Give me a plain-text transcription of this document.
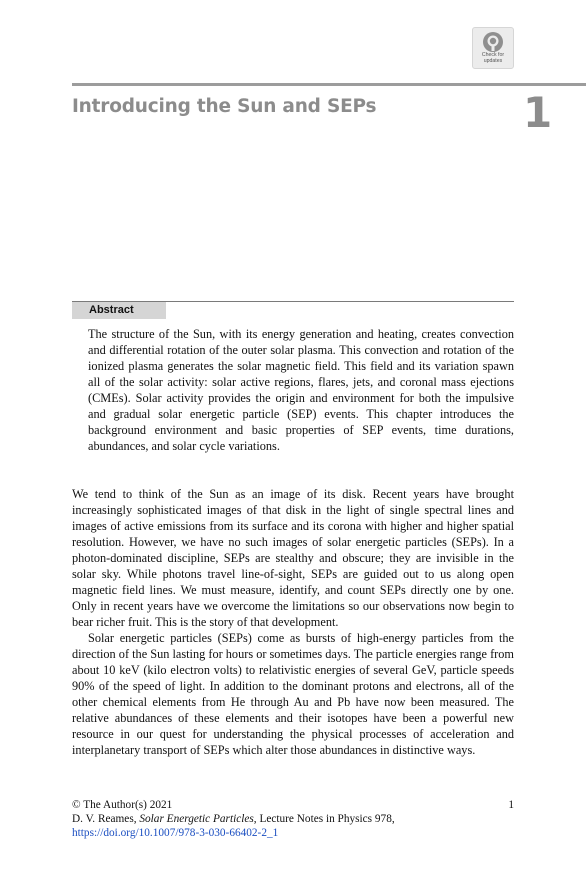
Check for
updates
Introducing the Sun and SEPs	1
Abstract

The structure of the Sun, with its energy generation and heating, creates convection and differential rotation of the outer solar plasma. This convection and rotation of the ionized plasma generates the solar magnetic field. This field and its variation spawn all of the solar activity: solar active regions, flares, jets, and coronal mass ejections (CMEs). Solar activity provides the origin and environment for both the impulsive and gradual solar energetic particle (SEP) events. This chapter introduces the background environment and basic properties of SEP events, time durations, abundances, and solar cycle variations.

We tend to think of the Sun as an image of its disk. Recent years have brought increasingly sophisticated images of that disk in the light of single spectral lines and images of active emissions from its surface and its corona with higher and higher spatial resolution. However, we have no such images of solar energetic particles (SEPs). In a photon-dominated discipline, SEPs are stealthy and obscure; they are invisible in the solar sky. While photons travel line-of-sight, SEPs are guided out to us along open magnetic field lines. We must measure, identify, and count SEPs directly one by one. Only in recent years have we overcome the limitations so our observations now begin to bear richer fruit. This is the story of that development.

Solar energetic particles (SEPs) come as bursts of high-energy particles from the direction of the Sun lasting for hours or sometimes days. The particle energies range from about 10 keV (kilo electron volts) to relativistic energies of several GeV, particle speeds 90% of the speed of light. In addition to the dominant protons and electrons, all of the other chemical elements from He through Au and Pb have now been measured. The relative abundances of these elements and their isotopes have been a powerful new resource in our quest for understanding the physical processes of acceleration and interplanetary transport of SEPs which alter those abundances in distinctive ways.

© The Author(s) 2021	1
D. V. Reames, Solar Energetic Particles, Lecture Notes in Physics 978,
https://doi.org/10.1007/978-3-030-66402-2_1
